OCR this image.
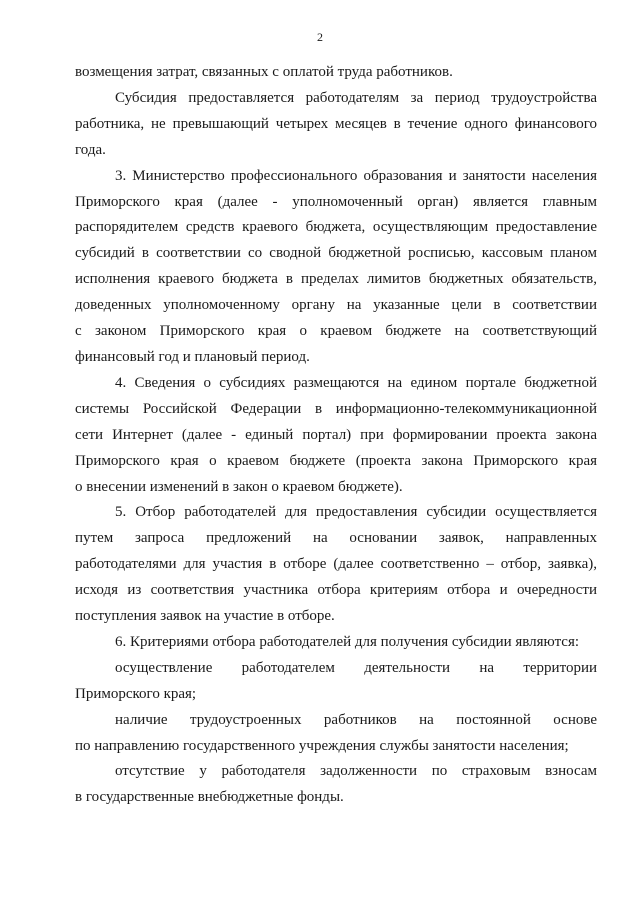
2

возмещения затрат, связанных с оплатой труда работников.

Субсидия предоставляется работодателям за период трудоустройства
работника, не превышающий четырех месяцев в течение одного финансового
года.

3. Министерство профессионального образования и занятости населения
Приморского края (далее - уполномоченный орган) является главным
распорядителем средств краевого бюджета, осуществляющим предоставление
субсидий в соответствии со сводной бюджетной росписью, кассовым планом
исполнения краевого бюджета в пределах лимитов бюджетных обязательств,
доведенных уполномоченному органу на указанные цели в соответствии
с законом Приморского края о краевом бюджете на соответствующий
финансовый год и плановый период.

4. Сведения о субсидиях размещаются на едином портале бюджетной
системы Российской Федерации в информационно-телекоммуникационной
сети Интернет (далее - единый портал) при формировании проекта закона
Приморского края о краевом бюджете (проекта закона Приморского края
о внесении изменений в закон о краевом бюджете).

5. Отбор работодателей для предоставления субсидии осуществляется
путем запроса предложений на основании заявок, направленных
работодателями для участия в отборе (далее соответственно – отбор, заявка),
исходя из соответствия участника отбора критериям отбора и очередности
поступления заявок на участие в отборе.

6. Критериями отбора работодателей для получения субсидии являются:

осуществление работодателем деятельности на территории
Приморского края;

наличие трудоустроенных работников на постоянной основе
по направлению государственного учреждения службы занятости населения;

отсутствие у работодателя задолженности по страховым взносам
в государственные внебюджетные фонды.
